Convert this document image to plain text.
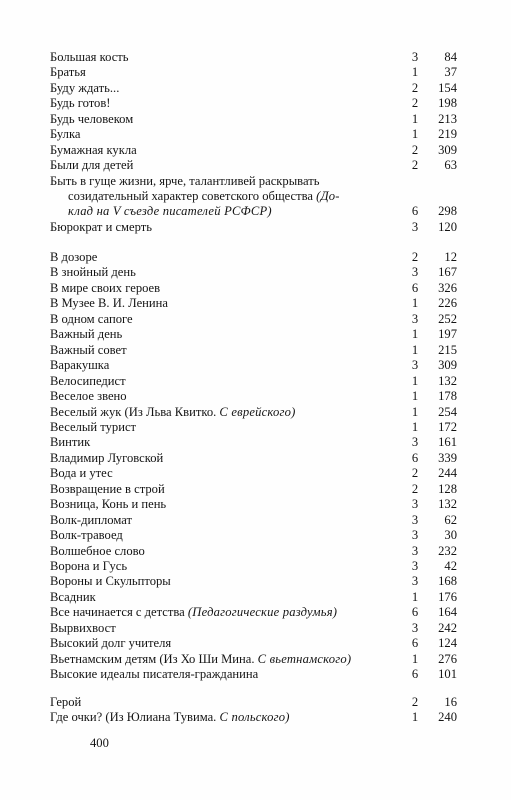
Большая кость	3	84
Братья	1	37
Буду ждать...	2	154
Будь готов!	2	198
Будь человеком	1	213
Булка	1	219
Бумажная кукла	2	309
Были для детей	2	63
Быть в гуще жизни, ярче, талантливей раскрывать
созидательный характер советского общества (До-
клад на V съезде писателей РСФСР)	6	298
Бюрократ и смерть	3	120
В дозоре	2	12
В знойный день	3	167
В мире своих героев	6	326
В Музее В. И. Ленина	1	226
В одном сапоге	3	252
Важный день	1	197
Важный совет	1	215
Варакушка	3	309
Велосипедист	1	132
Веселое звено	1	178
Веселый жук (Из Льва Квитко. С еврейского)	1	254
Веселый турист	1	172
Винтик	3	161
Владимир Луговской	6	339
Вода и утес	2	244
Возвращение в строй	2	128
Возница, Конь и пень	3	132
Волк-дипломат	3	62
Волк-травоед	3	30
Волшебное слово	3	232
Ворона и Гусь	3	42
Вороны и Скульпторы	3	168
Всадник	1	176
Все начинается с детства (Педагогические раздумья)	6	164
Вырвихвост	3	242
Высокий долг учителя	6	124
Вьетнамским детям (Из Хо Ши Мина. С вьетнамского)	1	276
Высокие идеалы писателя-гражданина	6	101
Герой	2	16
Где очки? (Из Юлиана Тувима. С польского)	1	240
400
